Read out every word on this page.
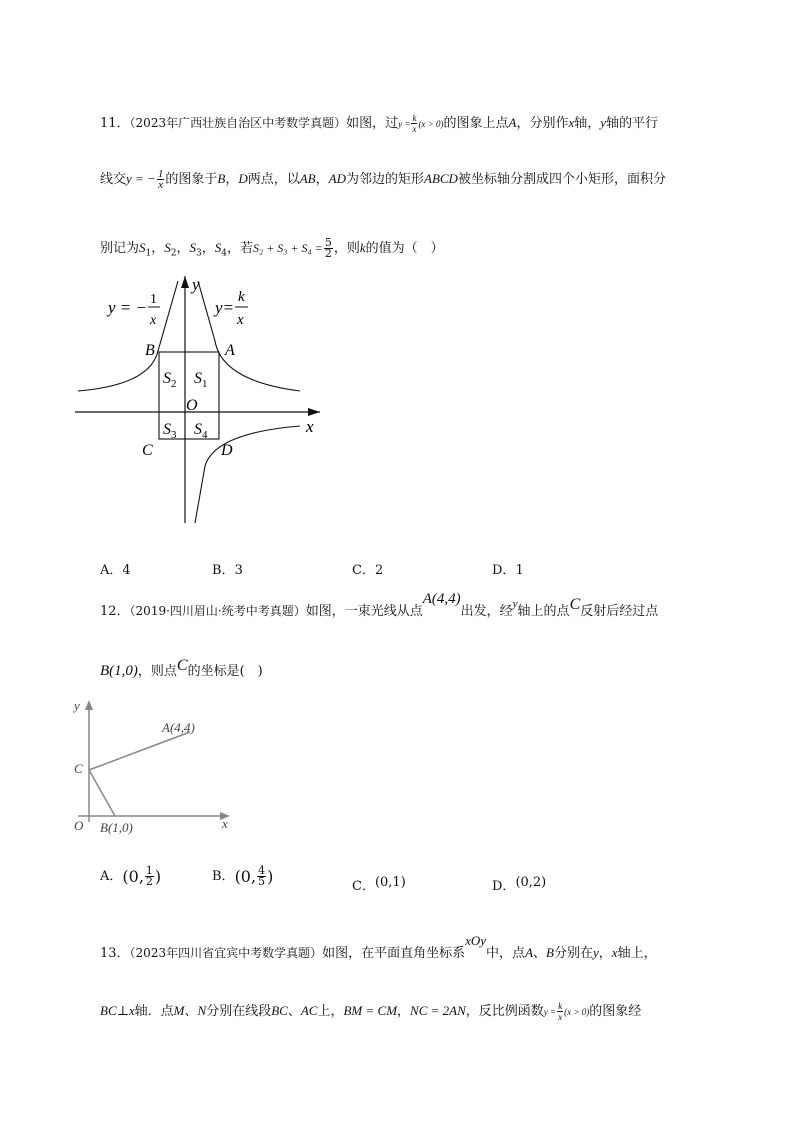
11．（2023年广西壮族自治区中考数学真题）如图，过$y = \frac{k}{x} (x > 0)$的图象上点A，分别作x轴，y轴的平行
线交y = − $\frac{1}{x}$ 的图象于B，D两点，以AB，AD为邻边的矩形ABCD被坐标轴分割成四个小矩形，面积分
别记为$S_1$，$S_2$，$S_3$，$S_4$，若$S_2 + S_3 + S_4 = \frac{5}{2}$ ，则k的值为（　）
y = − 1
x
y=
k
x
y
x
O
A
B
C	D
$S_1$
$S_2$
$S_3$ $S_4$
A．4	B．3	C．2	D．1
12．（2019·四川眉山·统考中考真题）如图，一束光线从点A(4,4)出发，经$^y$轴上的点C反射后经过点
B(1,0)，则点C的坐标是(　)
y
x
O
C
A(4,4)
B(1,0)
A．(0, $\frac{1}{2}$ )	B．(0, $\frac{4}{5}$ )
C．(0,1)	D．(0,2)
13．（2023年四川省宜宾中考数学真题）如图，在平面直角坐标系xOy中，点A、B分别在y，x轴上，
BC⊥x轴．点M、N分别在线段BC、AC上，BM = CM，NC = 2AN，反比例函数$y = \frac{k}{x} (x > 0)$的图象经
